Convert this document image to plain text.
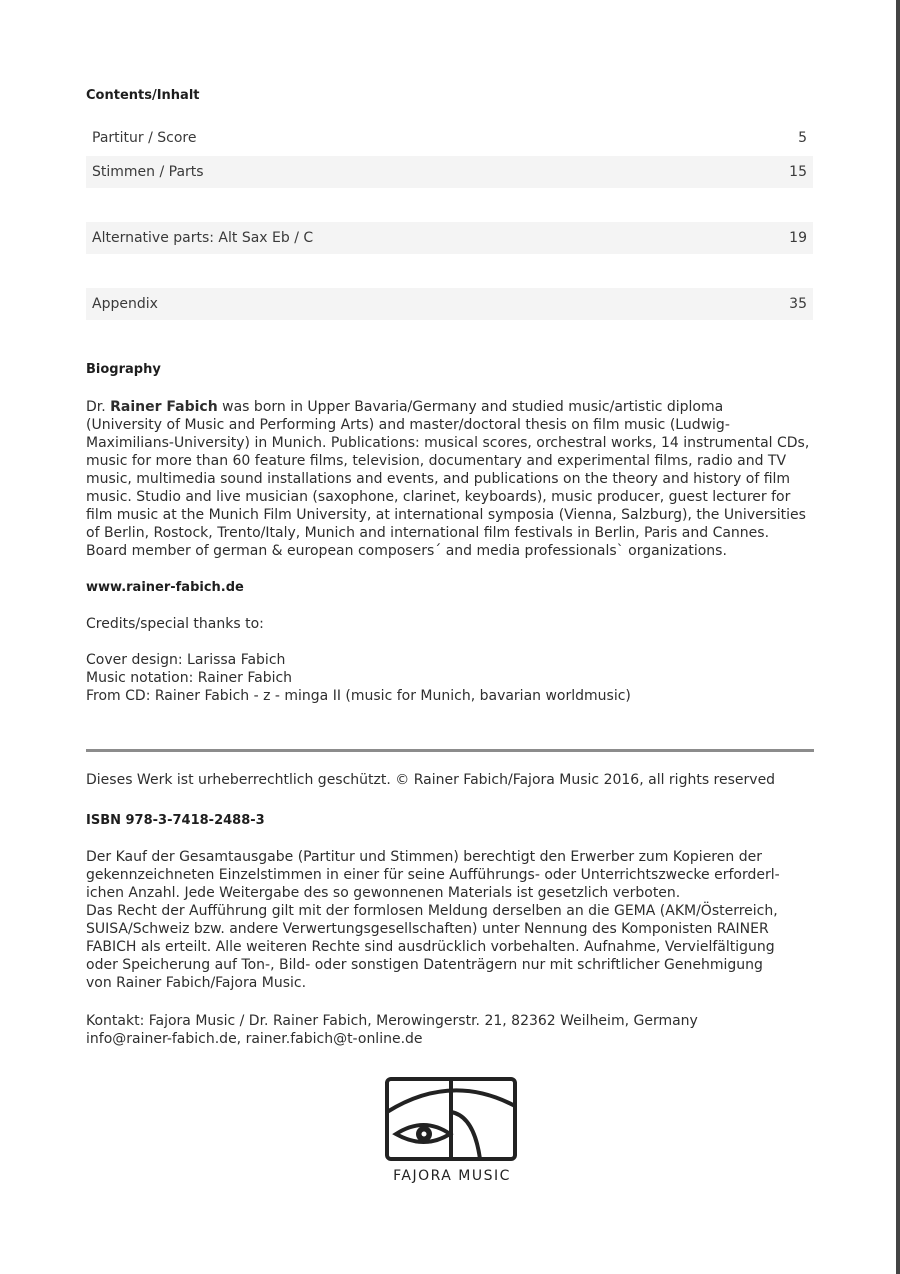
Contents/Inhalt
Partitur / Score	5
Stimmen / Parts	15
Alternative parts: Alt Sax Eb / C	19
Appendix	35
Biography

Dr. Rainer Fabich was born in Upper Bavaria/Germany and studied music/artistic diploma

(University of Music and Performing Arts) and master/doctoral thesis on film music (Ludwig-

Maximilians-University) in Munich. Publications: musical scores, orchestral works, 14 instrumental CDs,

music for more than 60 feature films, television, documentary and experimental films, radio and TV

music, multimedia sound installations and events, and publications on the theory and history of film

music. Studio and live musician (saxophone, clarinet, keyboards), music producer, guest lecturer for

film music at the Munich Film University, at international symposia (Vienna, Salzburg), the Universities

of Berlin, Rostock, Trento/Italy, Munich and international film festivals in Berlin, Paris and Cannes.

Board member of german & european composers´ and media professionals` organizations.

www.rainer-fabich.de
Credits/special thanks to:

Cover design: Larissa Fabich

Music notation: Rainer Fabich

From CD: Rainer Fabich - z - minga II (music for Munich, bavarian worldmusic)

Dieses Werk ist urheberrechtlich geschützt. © Rainer Fabich/Fajora Music 2016, all rights reserved
ISBN 978-3-7418-2488-3

Der Kauf der Gesamtausgabe (Partitur und Stimmen) berechtigt den Erwerber zum Kopieren der

gekennzeichneten Einzelstimmen in einer für seine Aufführungs- oder Unterrichtszwecke erforderl-

ichen Anzahl. Jede Weitergabe des so gewonnenen Materials ist gesetzlich verboten.

Das Recht der Aufführung gilt mit der formlosen Meldung derselben an die GEMA (AKM/Österreich,

SUISA/Schweiz bzw. andere Verwertungsgesellschaften) unter Nennung des Komponisten RAINER

FABICH als erteilt. Alle weiteren Rechte sind ausdrücklich vorbehalten. Aufnahme, Vervielfältigung

oder Speicherung auf Ton-, Bild- oder sonstigen Datenträgern nur mit schriftlicher Genehmigung

von Rainer Fabich/Fajora Music.

Kontakt: Fajora Music / Dr. Rainer Fabich, Merowingerstr. 21, 82362 Weilheim, Germany

info@rainer-fabich.de, rainer.fabich@t-online.de

FAJORA MUSIC
